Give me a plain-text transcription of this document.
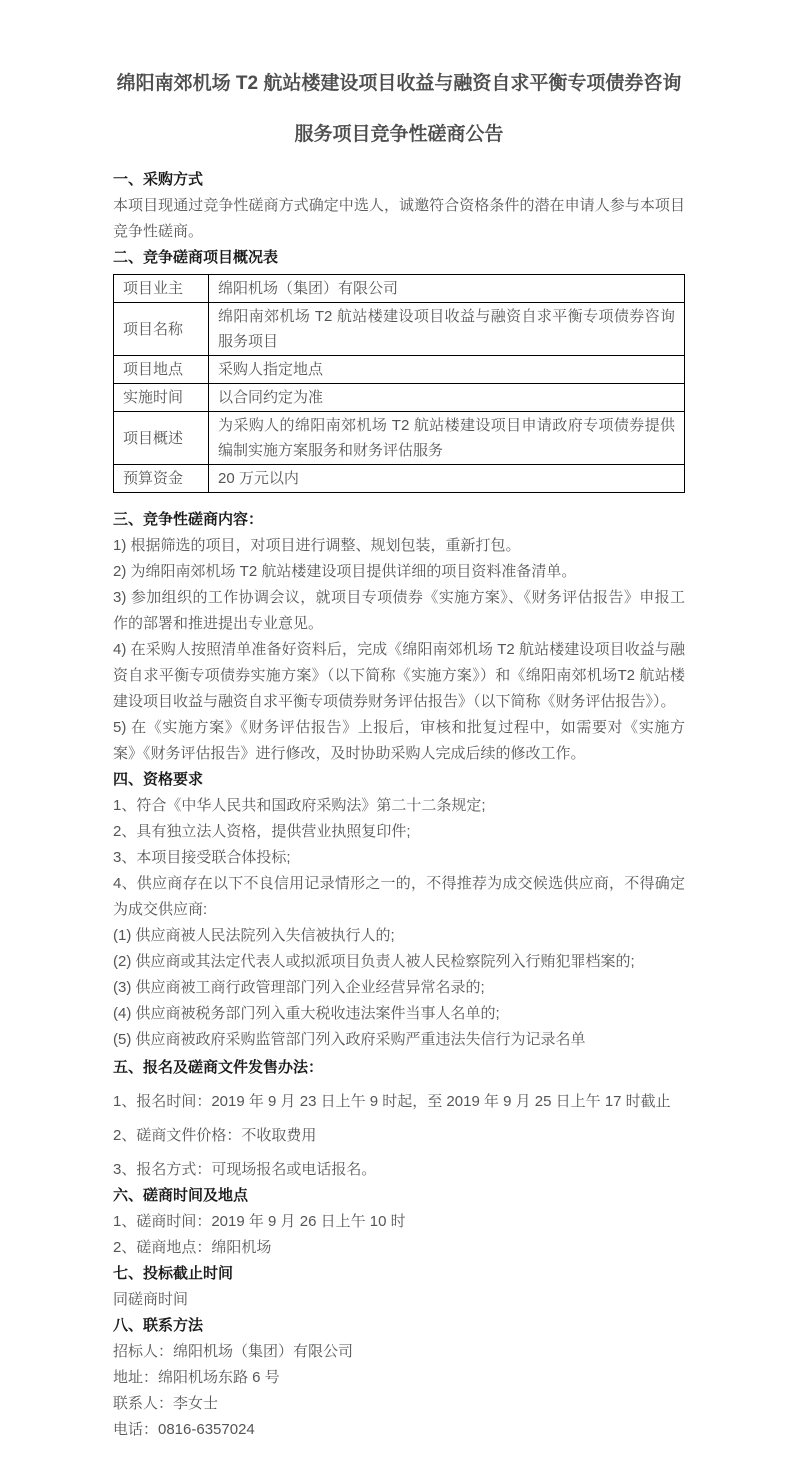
绵阳南郊机场 T2 航站楼建设项目收益与融资自求平衡专项债券咨询
服务项目竞争性磋商公告
一、采购方式
本项目现通过竞争性磋商方式确定中选人，诚邀符合资格条件的潜在申请人参与本项目竞争性磋商。
二、竞争磋商项目概况表
项目业主	绵阳机场（集团）有限公司
项目名称	绵阳南郊机场 T2 航站楼建设项目收益与融资自求平衡专项债券咨询服务项目
项目地点	采购人指定地点
实施时间	以合同约定为准
项目概述	为采购人的绵阳南郊机场 T2 航站楼建设项目申请政府专项债券提供编制实施方案服务和财务评估服务
预算资金	20 万元以内
三、竞争性磋商内容：
1) 根据筛选的项目，对项目进行调整、规划包装，重新打包。
2) 为绵阳南郊机场 T2 航站楼建设项目提供详细的项目资料准备清单。
3) 参加组织的工作协调会议，就项目专项债券《实施方案》、《财务评估报告》申报工作的部署和推进提出专业意见。
4) 在采购人按照清单准备好资料后，完成《绵阳南郊机场 T2 航站楼建设项目收益与融资自求平衡专项债券实施方案》（以下简称《实施方案》）和《绵阳南郊机场T2 航站楼建设项目收益与融资自求平衡专项债券财务评估报告》（以下简称《财务评估报告》）。
5) 在《实施方案》《财务评估报告》上报后，审核和批复过程中，如需要对《实施方案》《财务评估报告》进行修改，及时协助采购人完成后续的修改工作。
四、资格要求
1、符合《中华人民共和国政府采购法》第二十二条规定;
2、具有独立法人资格，提供营业执照复印件;
3、本项目接受联合体投标;
4、供应商存在以下不良信用记录情形之一的，不得推荐为成交候选供应商，不得确定为成交供应商:
(1) 供应商被人民法院列入失信被执行人的;
(2) 供应商或其法定代表人或拟派项目负责人被人民检察院列入行贿犯罪档案的;
(3) 供应商被工商行政管理部门列入企业经营异常名录的;
(4) 供应商被税务部门列入重大税收违法案件当事人名单的;
(5) 供应商被政府采购监管部门列入政府采购严重违法失信行为记录名单
五、报名及磋商文件发售办法：
1、报名时间：2019 年 9 月 23 日上午 9 时起，至 2019 年 9 月 25 日上午 17 时截止
2、磋商文件价格：不收取费用
3、报名方式：可现场报名或电话报名。
六、磋商时间及地点
1、磋商时间：2019 年 9 月 26 日上午 10 时
2、磋商地点：绵阳机场
七、投标截止时间
同磋商时间
八、联系方法
招标人：绵阳机场（集团）有限公司
地址：绵阳机场东路 6 号
联系人：李女士
电话：0816-6357024
